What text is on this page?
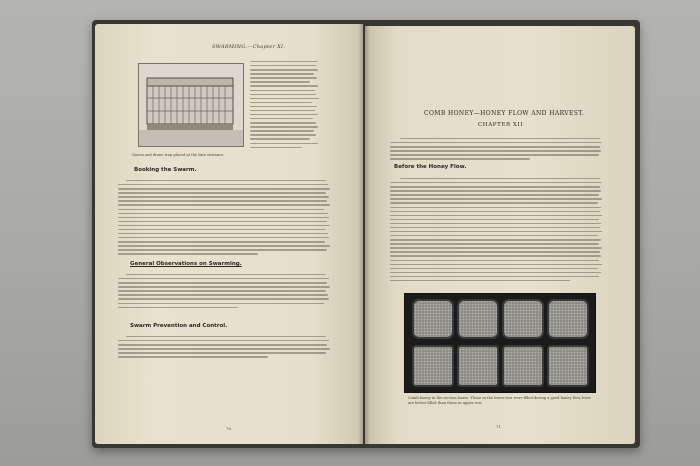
SWARMING.—Chapter XI.
Queen and drone trap placed at the hive entrance.
Booking the Swarm.
General Observations on Swarming.
Swarm Prevention and Control.
70
COMB HONEY—HONEY FLOW AND HARVEST.
CHAPTER XII
Before the Honey Flow.
Comb honey in the section boxes. Those in the lower row were filled during a good honey flow, bees are better filled than those in upper row.
71
